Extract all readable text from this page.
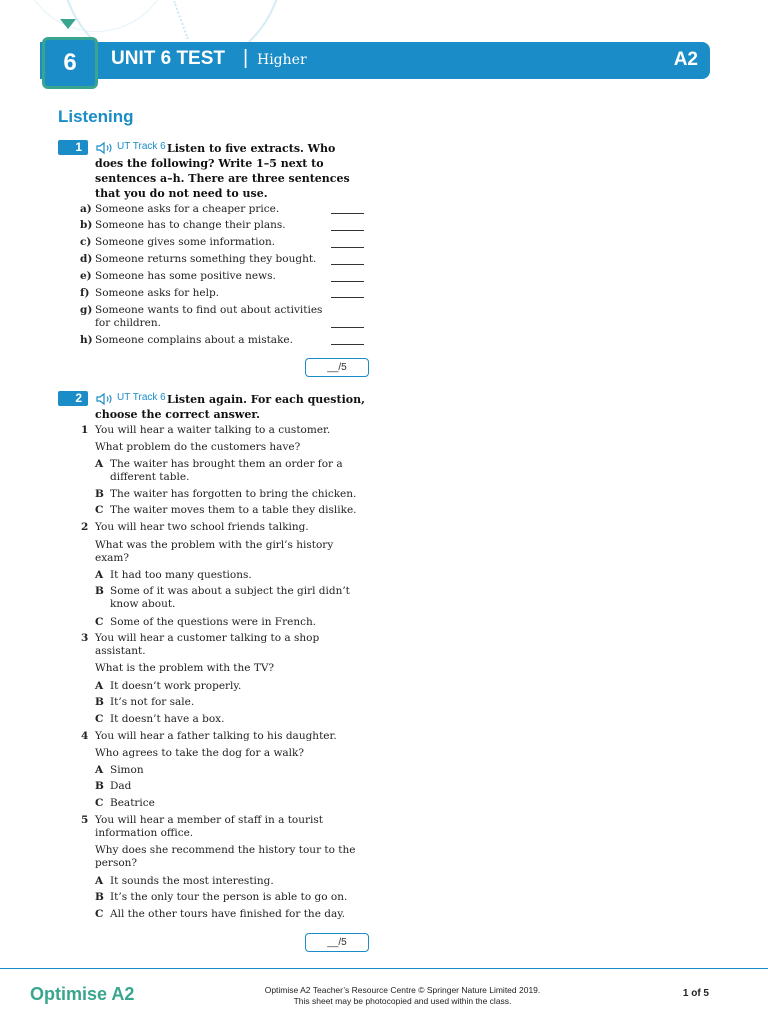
6	UNIT 6 TEST | Higher	A2
Listening
1	UT Track 6 Listen to five extracts. Who does the following? Write 1–5 next to sentences a–h. There are three sentences that you do not need to use.
a) Someone asks for a cheaper price.
b) Someone has to change their plans.
c) Someone gives some information.
d) Someone returns something they bought.
e) Someone has some positive news.
f) Someone asks for help.
g) Someone wants to find out about activities for children.
h) Someone complains about a mistake.
__/5
2	UT Track 6 Listen again. For each question, choose the correct answer.
1 You will hear a waiter talking to a customer.
What problem do the customers have?
A The waiter has brought them an order for a different table.
B The waiter has forgotten to bring the chicken.
C The waiter moves them to a table they dislike.
2 You will hear two school friends talking.
What was the problem with the girl’s history exam?
A It had too many questions.
B Some of it was about a subject the girl didn’t know about.
C Some of the questions were in French.
3 You will hear a customer talking to a shop assistant.
What is the problem with the TV?
A It doesn’t work properly.
B It’s not for sale.
C It doesn’t have a box.
4 You will hear a father talking to his daughter.
Who agrees to take the dog for a walk?
A Simon
B Dad
C Beatrice
5 You will hear a member of staff in a tourist information office.
Why does she recommend the history tour to the person?
A It sounds the most interesting.
B It’s the only tour the person is able to go on.
C All the other tours have finished for the day.
__/5
Optimise A2	Optimise A2 Teacher’s Resource Centre © Springer Nature Limited 2019.
This sheet may be photocopied and used within the class.
1 of 5
